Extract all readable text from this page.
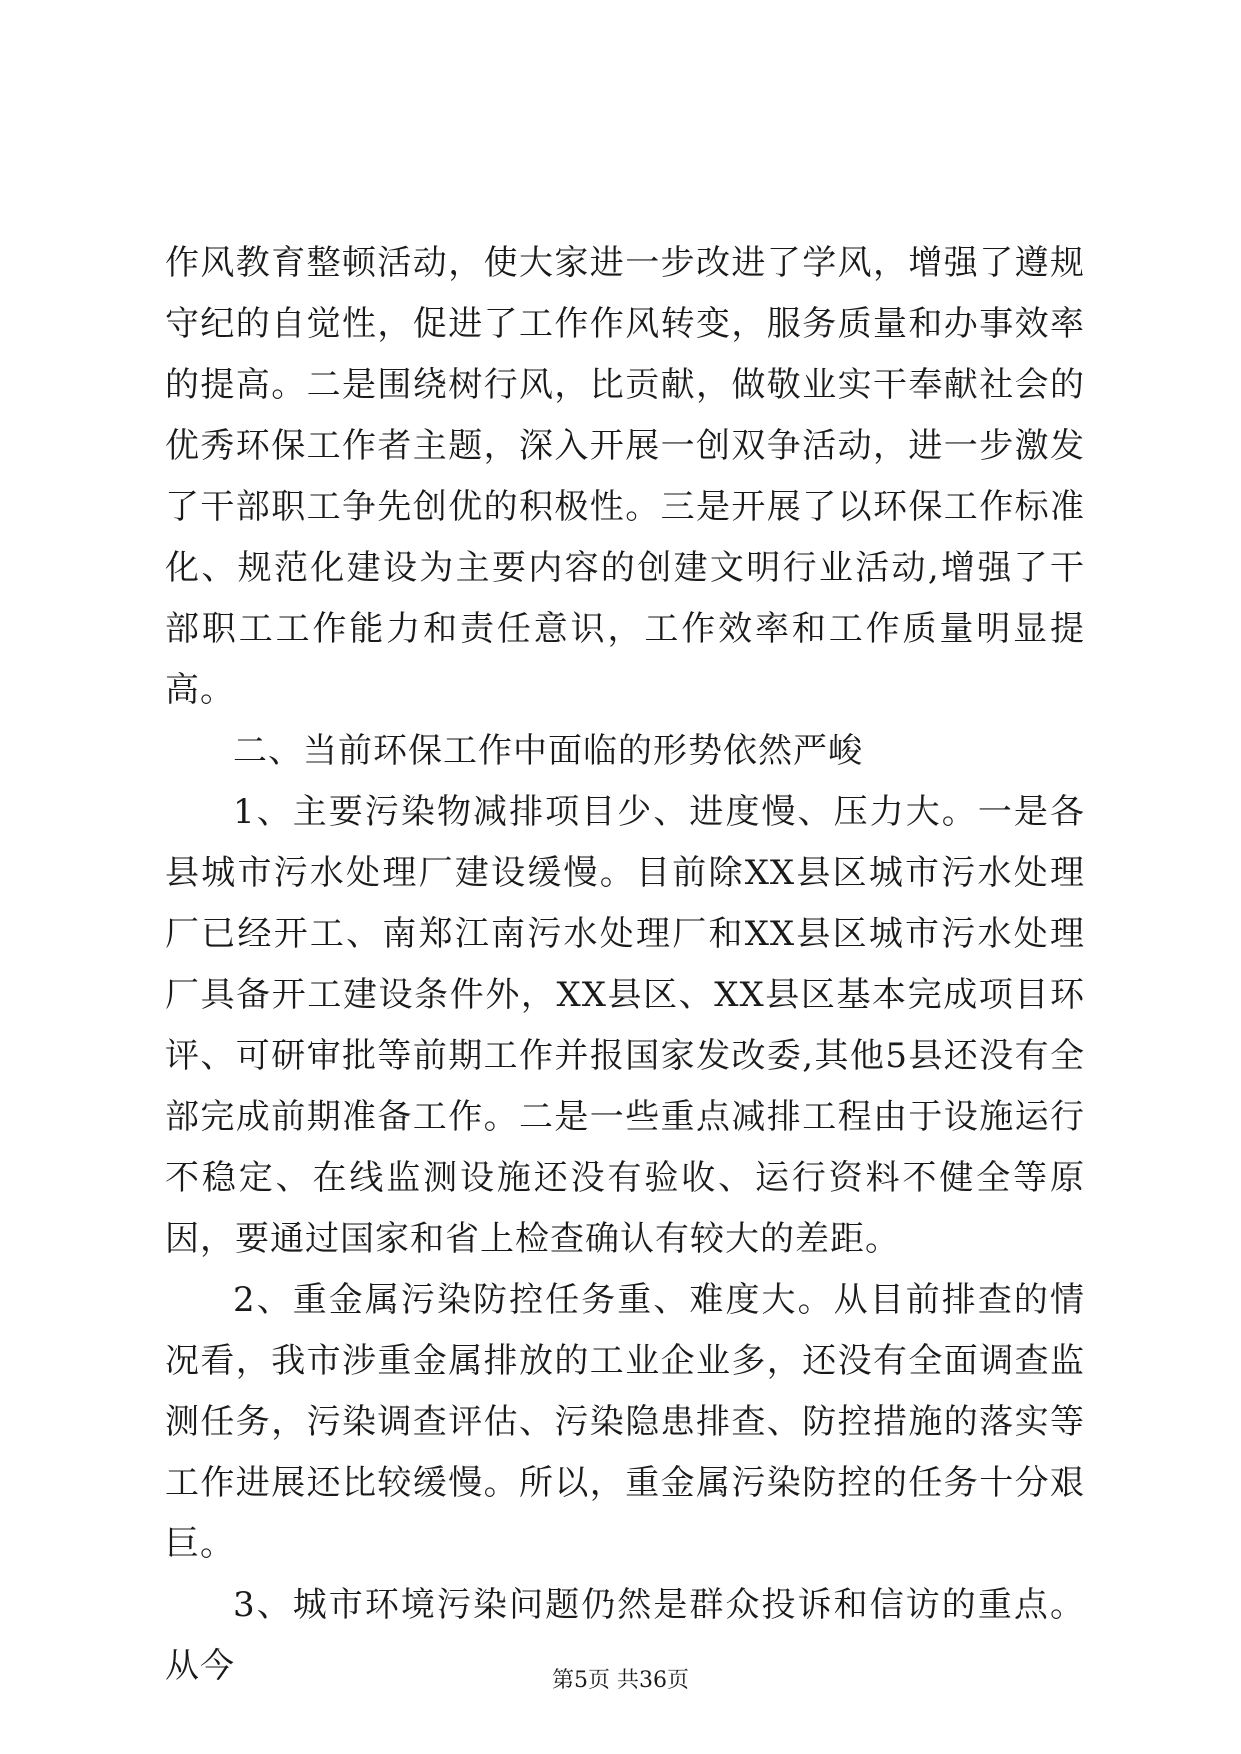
作风教育整顿活动，使大家进一步改进了学风，增强了遵规守纪的自觉性，促进了工作作风转变，服务质量和办事效率的提高。二是围绕树行风，比贡献，做敬业实干奉献社会的优秀环保工作者主题，深入开展一创双争活动，进一步激发了干部职工争先创优的积极性。三是开展了以环保工作标准化、规范化建设为主要内容的创建文明行业活动,增强了干部职工工作能力和责任意识，工作效率和工作质量明显提高。

二、当前环保工作中面临的形势依然严峻

1、主要污染物减排项目少、进度慢、压力大。一是各县城市污水处理厂建设缓慢。目前除XX县区城市污水处理厂已经开工、南郑江南污水处理厂和XX县区城市污水处理厂具备开工建设条件外，XX县区、XX县区基本完成项目环评、可研审批等前期工作并报国家发改委,其他5县还没有全部完成前期准备工作。二是一些重点减排工程由于设施运行不稳定、在线监测设施还没有验收、运行资料不健全等原因，要通过国家和省上检查确认有较大的差距。

2、重金属污染防控任务重、难度大。从目前排查的情况看，我市涉重金属排放的工业企业多，还没有全面调查监测任务，污染调查评估、污染隐患排查、防控措施的落实等工作进展还比较缓慢。所以，重金属污染防控的任务十分艰巨。

3、城市环境污染问题仍然是群众投诉和信访的重点。从今	第5页 共36页
